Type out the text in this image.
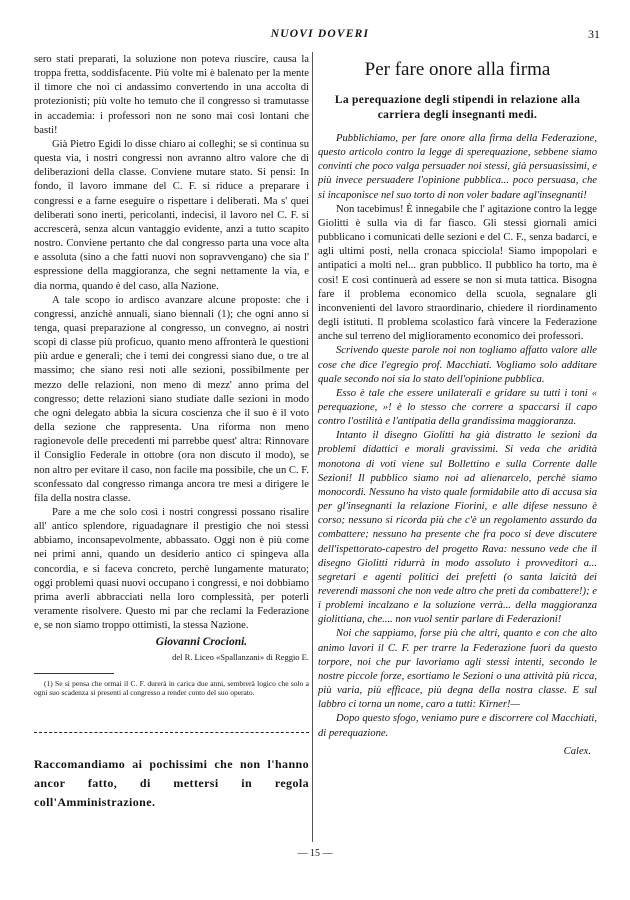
NUOVI DOVERI	31

sero stati preparati, la soluzione non poteva riuscire, causa la troppa fretta, soddisfacente. Più volte mi è balenato per la mente il timore che noi ci andassimo convertendo in una accolta di protezionisti; più volte ho temuto che il congresso si tramutasse in accademia: i professori non ne sono mai così lontani che basti!

Già Pietro Egidi lo disse chiaro ai colleghi; se si continua su questa via, i nostri congressi non avranno altro valore che di deliberazioni della classe. Conviene mutare stato. Si pensi: In fondo, il lavoro immane del C. F. si riduce a preparare i congressi e a farne eseguire o rispettare i deliberati. Ma s' quei deliberati sono inerti, pericolanti, indecisi, il lavoro nel C. F. si accrescerà, senza alcun vantaggio evidente, anzi a tutto scapito nostro. Conviene pertanto che dal congresso parta una voce alta e assoluta (sino a che fatti nuovi non sopravvengano) che sia l' espressione della maggioranza, che segni nettamente la via, e dia norma, quando è del caso, alla Nazione.

A tale scopo io ardisco avanzare alcune proposte: che i congressi, anzichè annuali, siano biennali (1); che ogni anno si tenga, quasi preparazione al congresso, un convegno, ai nostri scopi di classe più proficuo, quanto meno affronterà le questioni più ardue e generali; che i temi dei congressi siano due, o tre al massimo; che siano resi noti alle sezioni, possibilmente per mezzo delle relazioni, non meno di mezz' anno prima del congresso; dette relazioni siano studiate dalle sezioni in modo che ogni delegato abbia la sicura coscienza che il suo è il voto della sezione che rappresenta. Una riforma non meno ragionevole delle precedenti mi parrebbe quest' altra: Rinnovare il Consiglio Federale in ottobre (ora non discuto il modo), se non altro per evitare il caso, non facile ma possibile, che un C. F. sconfessato dal congresso rimanga ancora tre mesi a dirigere le fila della nostra classe.

Pare a me che solo così i nostri congressi possano risalire all' antico splendore, riguadagnare il prestigio che noi stessi abbiamo, inconsapevolmente, abbassato. Oggi non è più come nei primi anni, quando un desiderio antico ci spingeva alla concordia, e si faceva concreto, perchè lungamente maturato; oggi problemi quasi nuovi occupano i congressi, e noi dobbiamo prima averli abbracciati nella loro complessità, per poterli veramente risolvere. Questo mi par che reclami la Federazione e, se non siamo troppo ottimisti, la stessa Nazione.

Giovanni Crocioni.
del R. Liceo «Spallanzani» di Reggio E.

(1) Se si pensa che ormai il C. F. durerà in carica due anni, sembrerà logico che solo a ogni suo scadenza si presenti al congresso a render conto del suo operato.

Raccomandiamo ai pochissimi che non l'hanno ancor fatto, di mettersi in regola coll'Amministrazione.

Per fare onore alla firma
La perequazione degli stipendi in relazione alla carriera degli insegnanti medi.

Pubblichiamo, per fare onore alla firma della Federazione, questo articolo contro la legge di sperequazione, sebbene siamo convinti che poco valga persuader noi stessi, già persuasissimi, e più invece persuadere l'opinione pubblica... poco persuasa, che si incaponisce nel suo torto di non voler badare agl'insegnanti!

Non tacebimus! È innegabile che l' agitazione contro la legge Giolitti è sulla via di far fiasco. Gli stessi giornali amici pubblicano i comunicati delle sezioni e del C. F., senza badarci, e agli ultimi posti, nella cronaca spicciola! Siamo impopolari e antipatici a molti nel... gran pubblico. Il pubblico ha torto, ma è così! E così continuerà ad essere se non si muta tattica. Bisogna fare il problema economico della scuola, segnalare gli inconvenienti del lavoro straordinario, chiedere il riordinamento degli istituti. Il problema scolastico farà vincere la Federazione anche sul terreno del miglioramento economico dei professori.

Scrivendo queste parole noi non togliamo affatto valore alle cose che dice l'egregio prof. Macchiati. Vogliamo solo additare quale secondo noi sia lo stato dell'opinione pubblica.

Esso è tale che essere unilaterali e gridare su tutti i toni « perequazione, »! è lo stesso che correre a spaccarsi il capo contro l'ostilità e l'antipatia della grandissima maggioranza.

Intanto il disegno Giolitti ha già distratto le sezioni da problemi didattici e morali gravissimi. Si veda che aridità monotona di voti viene sul Bollettino e sulla Corrente dalle Sezioni! Il pubblico siamo noi ad alienarcelo, perchè siamo monocordi. Nessuno ha visto quale formidabile atto di accusa sia per gl'insegnanti la relazione Fiorini, e alle difese nessuno è corso; nessuno si ricorda più che c'è un regolamento assurdo da combattere; nessuno ha presente che fra poco si deve discutere dell'ispettorato-capestro del progetto Rava: nessuno vede che il disegno Giolitti ridurrà in modo assoluto i provveditori a... segretari e agenti politici dei prefetti (o santa laicità dei reverendi massoni che non vede altro che preti da combattere!); e i problemi incalzano e la soluzione verrà... della maggioranza giolittiana, che.... non vuol sentir parlare di Federazioni!

Noi che sappiamo, forse più che altri, quanto e con che alto animo lavori il C. F. per trarre la Federazione fuori da questo torpore, noi che pur lavoriamo agli stessi intenti, secondo le nostre piccole forze, esortiamo le Sezioni o una attività più ricca, più varia, più efficace, più degna della nostra classe. E sul labbro ci torna un nome, caro a tutti: Kirner!—

Dopo questo sfogo, veniamo pure e discorrere col Macchiati, di perequazione.

Calex.
— 15 —
